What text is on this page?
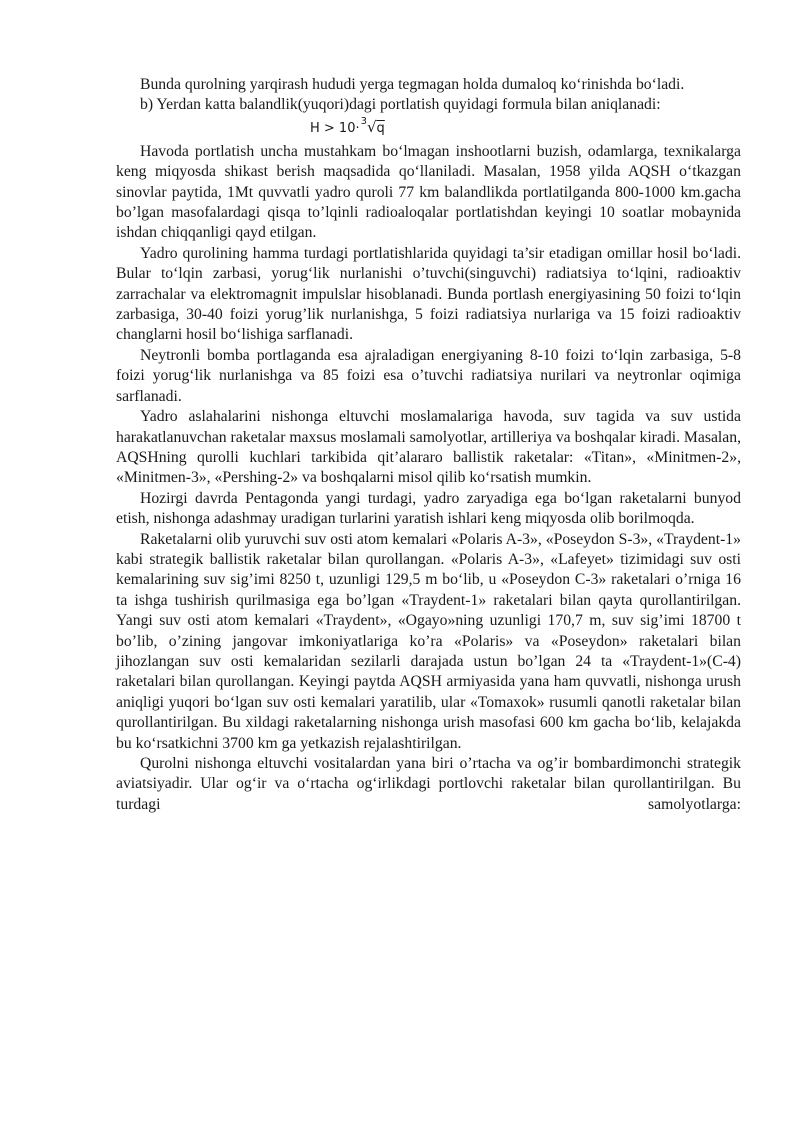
Bunda qurolning yarqirash hududi yerga tegmagan holda dumaloq ko‘rinishda bo‘ladi.

b) Yerdan katta balandlik(yuqori)dagi portlatish quyidagi formula bilan aniqlanadi:

H > 10·$^3$√q

Havoda portlatish uncha mustahkam bo‘lmagan inshootlarni buzish, odamlarga, texnikalarga keng miqyosda shikast berish maqsadida qo‘llaniladi. Masalan, 1958 yilda AQSH o‘tkazgan sinovlar paytida, 1Mt quvvatli yadro quroli 77 km balandlikda portlatilganda 800-1000 km.gacha bo’lgan masofalardagi qisqa to’lqinli radioaloqalar portlatishdan keyingi 10 soatlar mobaynida ishdan chiqqanligi qayd etilgan.

Yadro qurolining hamma turdagi portlatishlarida quyidagi ta’sir etadigan omillar hosil bo‘ladi. Bular to‘lqin zarbasi, yorug‘lik nurlanishi o’tuvchi(singuvchi) radiatsiya to‘lqini, radioaktiv zarrachalar va elektromagnit impulslar hisoblanadi. Bunda portlash energiyasining 50 foizi to‘lqin zarbasiga, 30-40 foizi yorug’lik nurlanishga, 5 foizi radiatsiya nurlariga va 15 foizi radioaktiv changlarni hosil bo‘lishiga sarflanadi.

Neytronli bomba portlaganda esa ajraladigan energiyaning 8-10 foizi to‘lqin zarbasiga, 5-8 foizi yorug‘lik nurlanishga va 85 foizi esa o’tuvchi radiatsiya nurilari va neytronlar oqimiga sarflanadi.

Yadro aslahalarini nishonga eltuvchi moslamalariga havoda, suv tagida va suv ustida harakatlanuvchan raketalar maxsus moslamali samolyotlar, artilleriya va boshqalar kiradi. Masalan, AQSHning qurolli kuchlari tarkibida qit’alararo ballistik raketalar: «Titan», «Minitmen-2», «Minitmen-3», «Pershing-2» va boshqalarni misol qilib ko‘rsatish mumkin.

Hozirgi davrda Pentagonda yangi turdagi, yadro zaryadiga ega bo‘lgan raketalarni bunyod etish, nishonga adashmay uradigan turlarini yaratish ishlari keng miqyosda olib borilmoqda.

Raketalarni olib yuruvchi suv osti atom kemalari «Polaris A-3», «Poseydon S-3», «Traydent-1» kabi strategik ballistik raketalar bilan qurollangan. «Polaris A-3», «Lafeyet» tizimidagi suv osti kemalarining suv sig’imi 8250 t, uzunligi 129,5 m bo‘lib, u «Poseydon C-3» raketalari o’rniga 16 ta ishga tushirish qurilmasiga ega bo’lgan «Traydent-1» raketalari bilan qayta qurollantirilgan. Yangi suv osti atom kemalari «Traydent», «Ogayo»ning uzunligi 170,7 m, suv sig’imi 18700 t bo’lib, o’zining jangovar imkoniyatlariga ko’ra «Polaris» va «Poseydon» raketalari bilan jihozlangan suv osti kemalaridan sezilarli darajada ustun bo’lgan 24 ta «Traydent-1»(C-4) raketalari bilan qurollangan. Keyingi paytda AQSH armiyasida yana ham quvvatli, nishonga urush aniqligi yuqori bo‘lgan suv osti kemalari yaratilib, ular «Tomaxok» rusumli qanotli raketalar bilan qurollantirilgan. Bu xildagi raketalarning nishonga urish masofasi 600 km gacha bo‘lib, kelajakda bu ko‘rsatkichni 3700 km ga yetkazish rejalashtirilgan.

Qurolni nishonga eltuvchi vositalardan yana biri o’rtacha va og’ir bombardimonchi strategik aviatsiyadir. Ular og‘ir va o‘rtacha og‘irlikdagi portlovchi raketalar bilan qurollantirilgan. Bu turdagi samolyotlarga:
